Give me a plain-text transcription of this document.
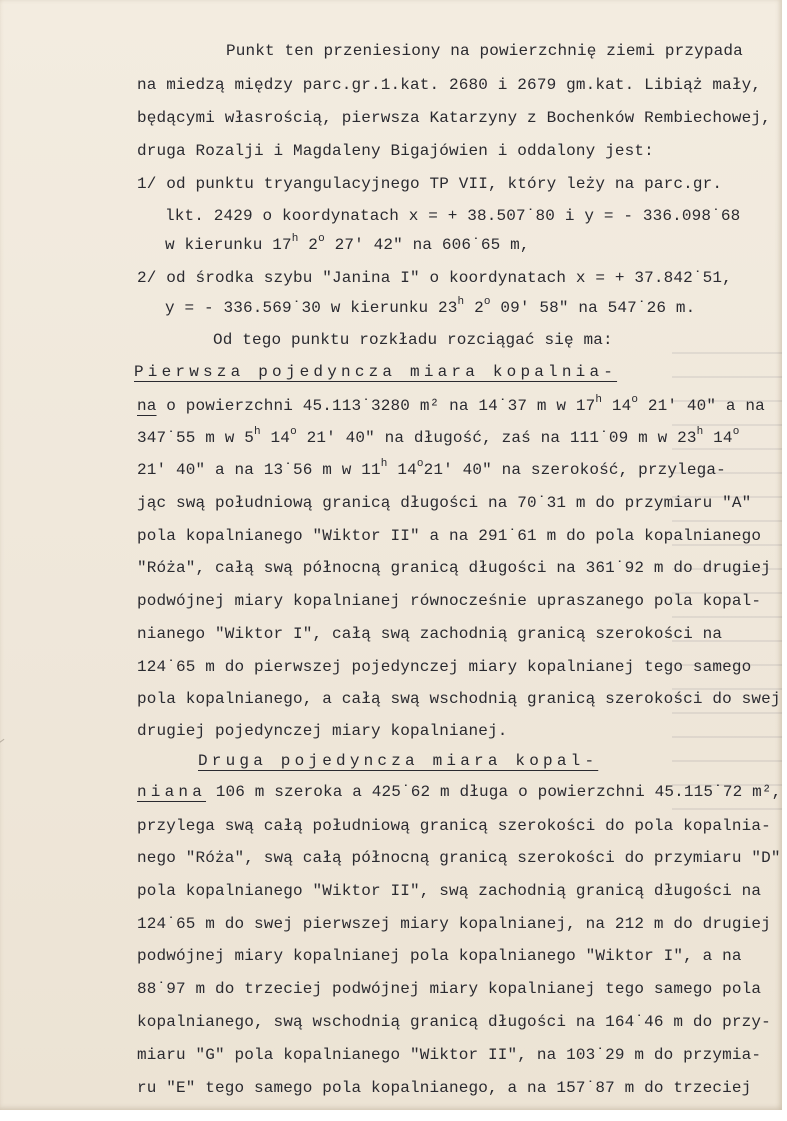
Punkt ten przeniesiony na powierzchnię ziemi przypada
na miedzą między parc.gr.1.kat. 2680 i 2679 gm.kat. Libiąż mały,
będącymi własrością, pierwsza Katarzyny z Bochenków Rembiechowej,
druga Rozalji i Magdaleny Bigajówien i oddalony jest:
1/ od punktu tryangulacyjnego TP VII, który leży na parc.gr.
lkt. 2429 o koordynatach x = + 38.507˙80 i y = - 336.098˙68
w kierunku 17$^h$ 2$^o$ 27' 42" na 606˙65 m,
2/ od środka szybu "Janina I" o koordynatach x = + 37.842˙51,
y = - 336.569˙30 w kierunku 23$^h$ 2$^o$ 09' 58" na 547˙26 m.
Od tego punktu rozkładu rozciągać się ma:
Pierwsza pojedyncza miara kopalnia-
na o powierzchni 45.113˙3280 m² na 14˙37 m w 17$^h$ 14$^o$ 21' 40" a na
347˙55 m w 5$^h$ 14$^o$ 21' 40" na długość, zaś na 111˙09 m w 23$^h$ 14$^o$
21' 40" a na 13˙56 m w 11$^h$ 14$^o$21' 40" na szerokość, przylega-
jąc swą południową granicą długości na 70˙31 m do przymiaru "A"
pola kopalnianego "Wiktor II" a na 291˙61 m do pola kopalnianego
"Róża", całą swą północną granicą długości na 361˙92 m do drugiej
podwójnej miary kopalnianej równocześnie upraszanego pola kopal-
nianego "Wiktor I", całą swą zachodnią granicą szerokości na
124˙65 m do pierwszej pojedynczej miary kopalnianej tego samego
pola kopalnianego, a całą swą wschodnią granicą szerokości do swej
drugiej pojedynczej miary kopalnianej.
Druga pojedyncza miara kopal-
niana 106 m szeroka a 425˙62 m długa o powierzchni 45.115˙72 m²,
przylega swą całą południową granicą szerokości do pola kopalnia-
nego "Róża", swą całą północną granicą szerokości do przymiaru "D"
pola kopalnianego "Wiktor II", swą zachodnią granicą długości na
124˙65 m do swej pierwszej miary kopalnianej, na 212 m do drugiej
podwójnej miary kopalnianej pola kopalnianego "Wiktor I", a na
88˙97 m do trzeciej podwójnej miary kopalnianej tego samego pola
kopalnianego, swą wschodnią granicą długości na 164˙46 m do przy-
miaru "G" pola kopalnianego "Wiktor II", na 103˙29 m do przymia-
ru "E" tego samego pola kopalnianego, a na 157˙87 m do trzeciej
